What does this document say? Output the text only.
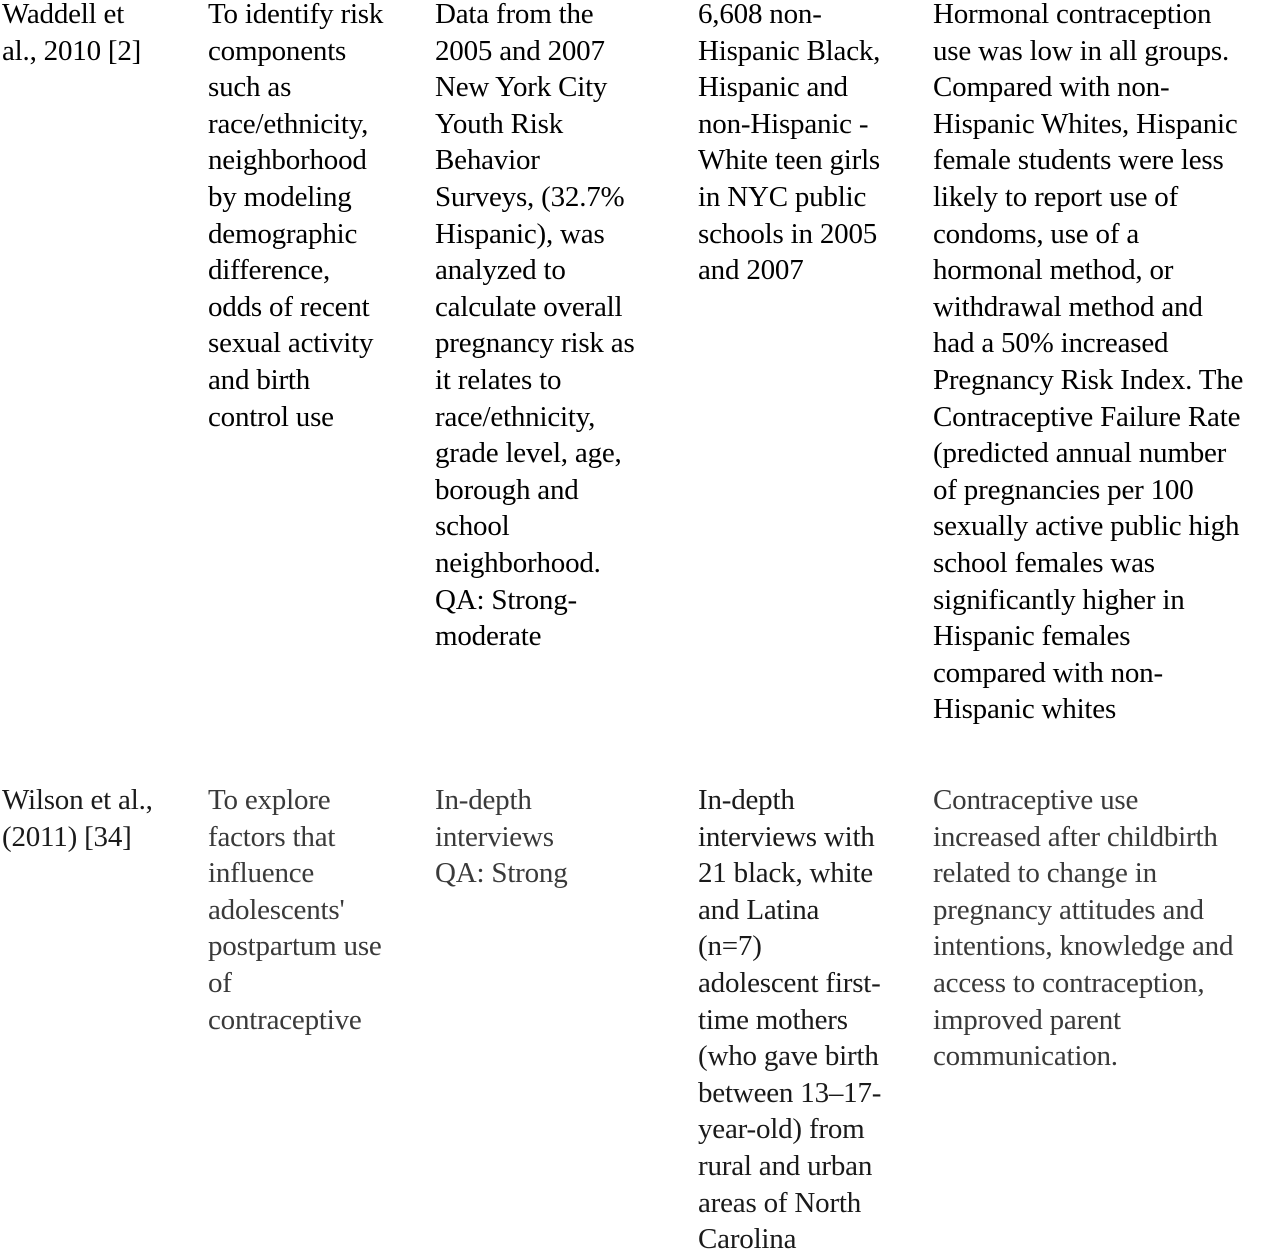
Waddell et
al., 2010 [2]
To identify risk
components
such as
race/ethnicity,
neighborhood
by modeling
demographic
difference,
odds of recent
sexual activity
and birth
control use
Data from the
2005 and 2007
New York City
Youth Risk
Behavior
Surveys, (32.7%
Hispanic), was
analyzed to
calculate overall
pregnancy risk as
it relates to
race/ethnicity,
grade level, age,
borough and
school
neighborhood.
QA: Strong-
moderate
6,608 non-
Hispanic Black,
Hispanic and
non-Hispanic -
White teen girls
in NYC public
schools in 2005
and 2007
Hormonal contraception
use was low in all groups.
Compared with non-
Hispanic Whites, Hispanic
female students were less
likely to report use of
condoms, use of a
hormonal method, or
withdrawal method and
had a 50% increased
Pregnancy Risk Index. The
Contraceptive Failure Rate
(predicted annual number
of pregnancies per 100
sexually active public high
school females was
significantly higher in
Hispanic females
compared with non-
Hispanic whites
Wilson et al.,
(2011) [34]
To explore
factors that
influence
adolescents'
postpartum use
of
contraceptive
In-depth
interviews
QA: Strong
In-depth
interviews with
21 black, white
and Latina
(n=7)
adolescent first-
time mothers
(who gave birth
between 13–17-
year-old) from
rural and urban
areas of North
Carolina
Contraceptive use
increased after childbirth
related to change in
pregnancy attitudes and
intentions, knowledge and
access to contraception,
improved parent
communication.
